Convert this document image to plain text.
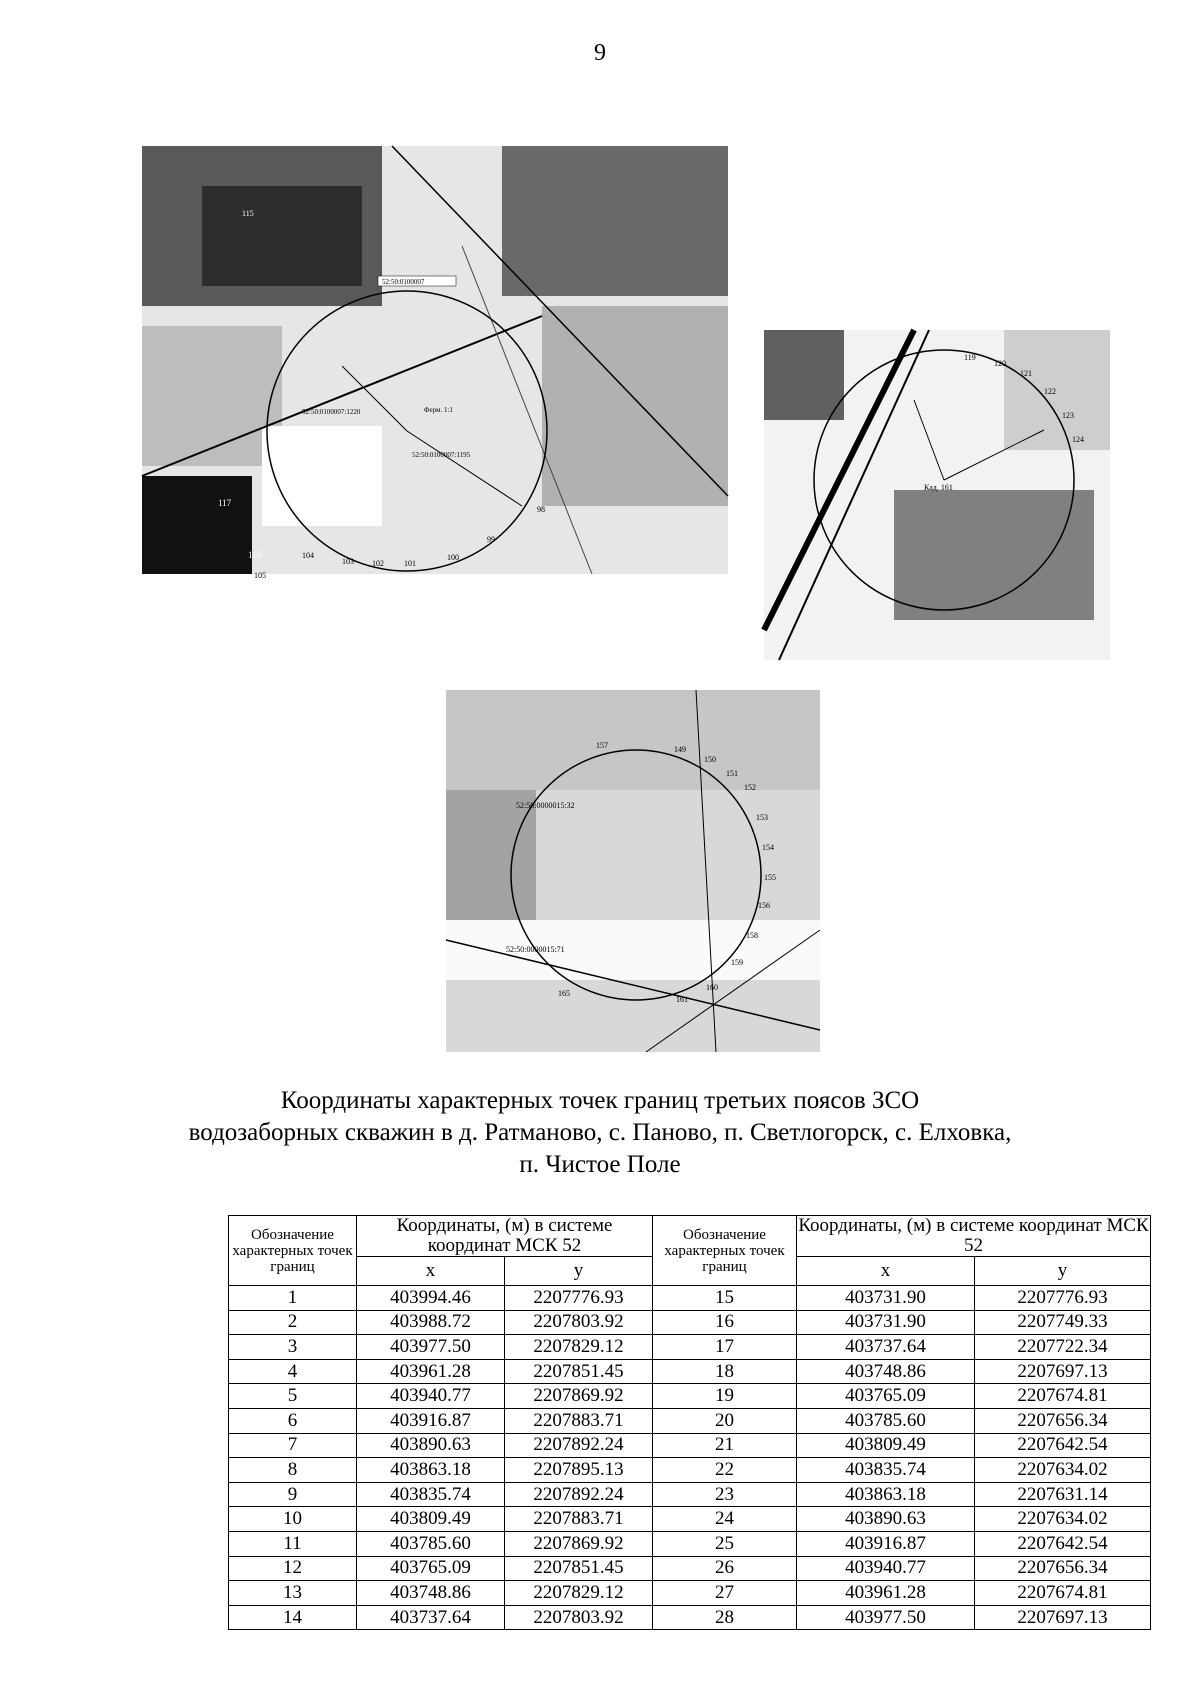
9
52:50:0100007
52:50:0100007:1220
52:50:0100007:1195
Ферм. 1:1
105
104
103 102	101
100
99
98
117
116
115
Кад. 161
119
120
121
122
123
124
52:50:0000015:32
52:50:0000015:71
149
150
151
152
153
154
155
156
157
158
159
160
161
165
Координаты характерных точек границ третьих поясов ЗСО
водозаборных скважин в д. Ратманово, с. Паново, п. Светлогорск, с. Елховка,
п. Чистое Поле
Обозначение характерных точек границ	Координаты, (м) в системе координат МСК 52		Обозначение характерных точек границ	Координаты, (м) в системе координат МСК 52	
	x	y		x	y
1	403994.46	2207776.93	15	403731.90	2207776.93
2	403988.72	2207803.92	16	403731.90	2207749.33
3	403977.50	2207829.12	17	403737.64	2207722.34
4	403961.28	2207851.45	18	403748.86	2207697.13
5	403940.77	2207869.92	19	403765.09	2207674.81
6	403916.87	2207883.71	20	403785.60	2207656.34
7	403890.63	2207892.24	21	403809.49	2207642.54
8	403863.18	2207895.13	22	403835.74	2207634.02
9	403835.74	2207892.24	23	403863.18	2207631.14
10	403809.49	2207883.71	24	403890.63	2207634.02
11	403785.60	2207869.92	25	403916.87	2207642.54
12	403765.09	2207851.45	26	403940.77	2207656.34
13	403748.86	2207829.12	27	403961.28	2207674.81
14	403737.64	2207803.92	28	403977.50	2207697.13
